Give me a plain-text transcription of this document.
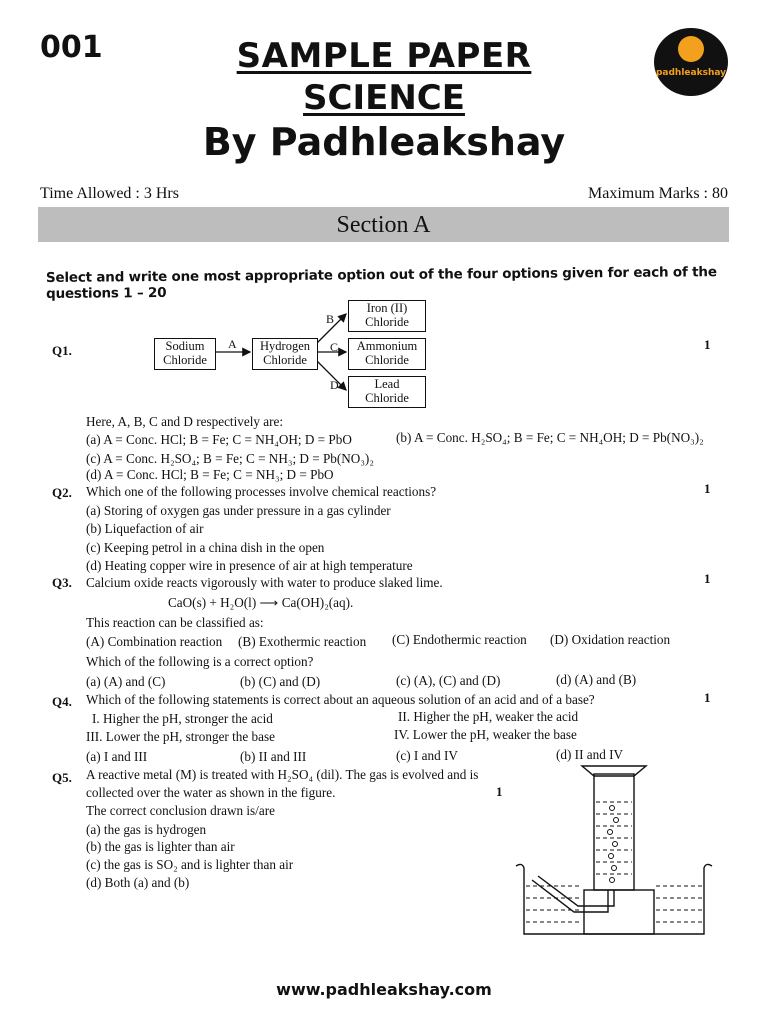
001	SAMPLE PAPER
SCIENCE
By Padhleakshay
padhleakshay
Time Allowed : 3 Hrs	Maximum Marks : 80
Section A
Select and write one most appropriate option out of the four options given for each of the questions 1 – 20
Q1.	1
Sodium
Chloride
Hydrogen
Chloride
Iron (II)
Chloride
Ammonium
Chloride
Lead
Chloride
A
B
C
D
Here, A, B, C and D respectively are:
(a) A = Conc. HCl; B = Fe; C = NH₄OH; D = PbO	(b) A = Conc. H₂SO₄; B = Fe; C = NH₄OH; D = Pb(NO₃)₂
(c) A = Conc. H₂SO₄; B = Fe; C = NH₃; D = Pb(NO₃)₂
(d) A = Conc. HCl; B = Fe; C = NH₃; D = PbO
Q2.	1
Which one of the following processes involve chemical reactions?
(a) Storing of oxygen gas under pressure in a gas cylinder
(b) Liquefaction of air
(c) Keeping petrol in a china dish in the open
(d) Heating copper wire in presence of air at high temperature
Q3.	1
Calcium oxide reacts vigorously with water to produce slaked lime.
CaO(s) + H₂O(l) ⟶ Ca(OH)₂(aq).
This reaction can be classified as:
(A) Combination reaction (B) Exothermic reaction (C) Endothermic reaction (D) Oxidation reaction
Which of the following is a correct option?
(a) (A) and (C)	(b) (C) and (D)	(c) (A), (C) and (D)	(d) (A) and (B)
Q4.	1
Which of the following statements is correct about an aqueous solution of an acid and of a base?
I. Higher the pH, stronger the acid	II. Higher the pH, weaker the acid
III. Lower the pH, stronger the base	IV. Lower the pH, weaker the base
(a) I and III	(b) II and III	(c) I and IV	(d) II and IV
Q5. A reactive metal (M) is treated with H₂SO₄ (dil). The gas is evolved and is
collected over the water as shown in the figure.	1
The correct conclusion drawn is/are
(a) the gas is hydrogen
(b) the gas is lighter than air
(c) the gas is SO₂ and is lighter than air
(d) Both (a) and (b)
www.padhleakshay.com
